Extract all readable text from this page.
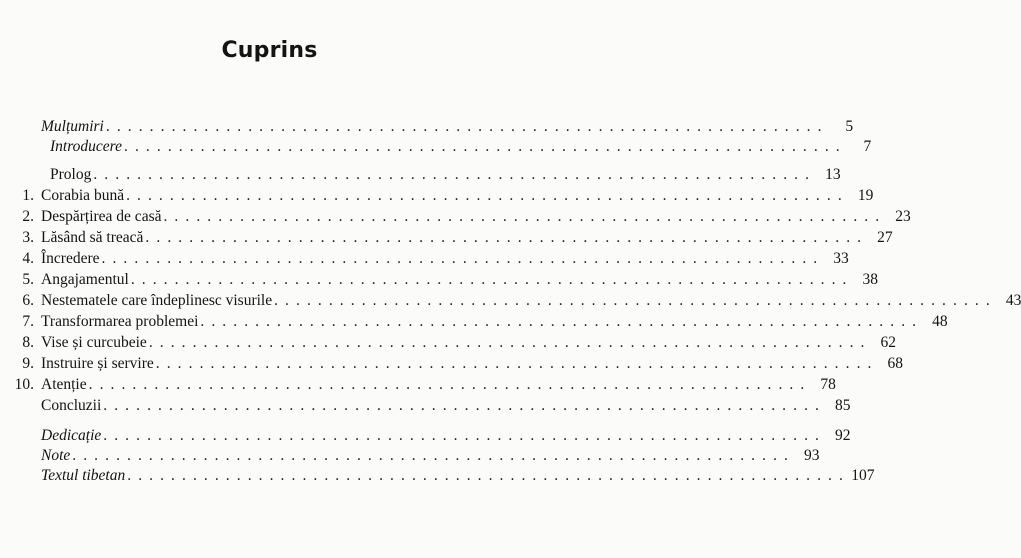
Cuprins
Mulțumiri . . . . . . . . . . . . . . . . . . . . . . . . . . . . . . . . . . . . . . . . . . . . . . . . . . . . . . . . . . . . . . . . . .	5
Introducere . . . . . . . . . . . . . . . . . . . . . . . . . . . . . . . . . . . . . . . . . . . . . . . . . . . . . . . . . . . . . . . . . .	7
Prolog . . . . . . . . . . . . . . . . . . . . . . . . . . . . . . . . . . . . . . . . . . . . . . . . . . . . . . . . . . . . . . . . . . 13
1. Corabia bună . . . . . . . . . . . . . . . . . . . . . . . . . . . . . . . . . . . . . . . . . . . . . . . . . . . . . . . . . . . . . . . . . . 19
2. Despărțirea de casă . . . . . . . . . . . . . . . . . . . . . . . . . . . . . . . . . . . . . . . . . . . . . . . . . . . . . . . . . . . . . . . . . . 23
3. Lăsând să treacă . . . . . . . . . . . . . . . . . . . . . . . . . . . . . . . . . . . . . . . . . . . . . . . . . . . . . . . . . . . . . . . . . . 27
4. Încredere . . . . . . . . . . . . . . . . . . . . . . . . . . . . . . . . . . . . . . . . . . . . . . . . . . . . . . . . . . . . . . . . . . 33
5. Angajamentul . . . . . . . . . . . . . . . . . . . . . . . . . . . . . . . . . . . . . . . . . . . . . . . . . . . . . . . . . . . . . . . . . . 38
6. Nestematele care îndeplinesc visurile . . . . . . . . . . . . . . . . . . . . . . . . . . . . . . . . . . . . . . . . . . . . . . . . . . . . . . . . . . . . . . . . . . 43
7. Transformarea problemei . . . . . . . . . . . . . . . . . . . . . . . . . . . . . . . . . . . . . . . . . . . . . . . . . . . . . . . . . . . . . . . . . . 48
8. Vise și curcubeie . . . . . . . . . . . . . . . . . . . . . . . . . . . . . . . . . . . . . . . . . . . . . . . . . . . . . . . . . . . . . . . . . . 62
9. Instruire și servire . . . . . . . . . . . . . . . . . . . . . . . . . . . . . . . . . . . . . . . . . . . . . . . . . . . . . . . . . . . . . . . . . . 68
10. Atenție . . . . . . . . . . . . . . . . . . . . . . . . . . . . . . . . . . . . . . . . . . . . . . . . . . . . . . . . . . . . . . . . . . 78
Concluzii . . . . . . . . . . . . . . . . . . . . . . . . . . . . . . . . . . . . . . . . . . . . . . . . . . . . . . . . . . . . . . . . . . 85
Dedicație . . . . . . . . . . . . . . . . . . . . . . . . . . . . . . . . . . . . . . . . . . . . . . . . . . . . . . . . . . . . . . . . . . 92
Note . . . . . . . . . . . . . . . . . . . . . . . . . . . . . . . . . . . . . . . . . . . . . . . . . . . . . . . . . . . . . . . . . . 93
Textul tibetan . . . . . . . . . . . . . . . . . . . . . . . . . . . . . . . . . . . . . . . . . . . . . . . . . . . . . . . . . . . . . . . . . . 107
